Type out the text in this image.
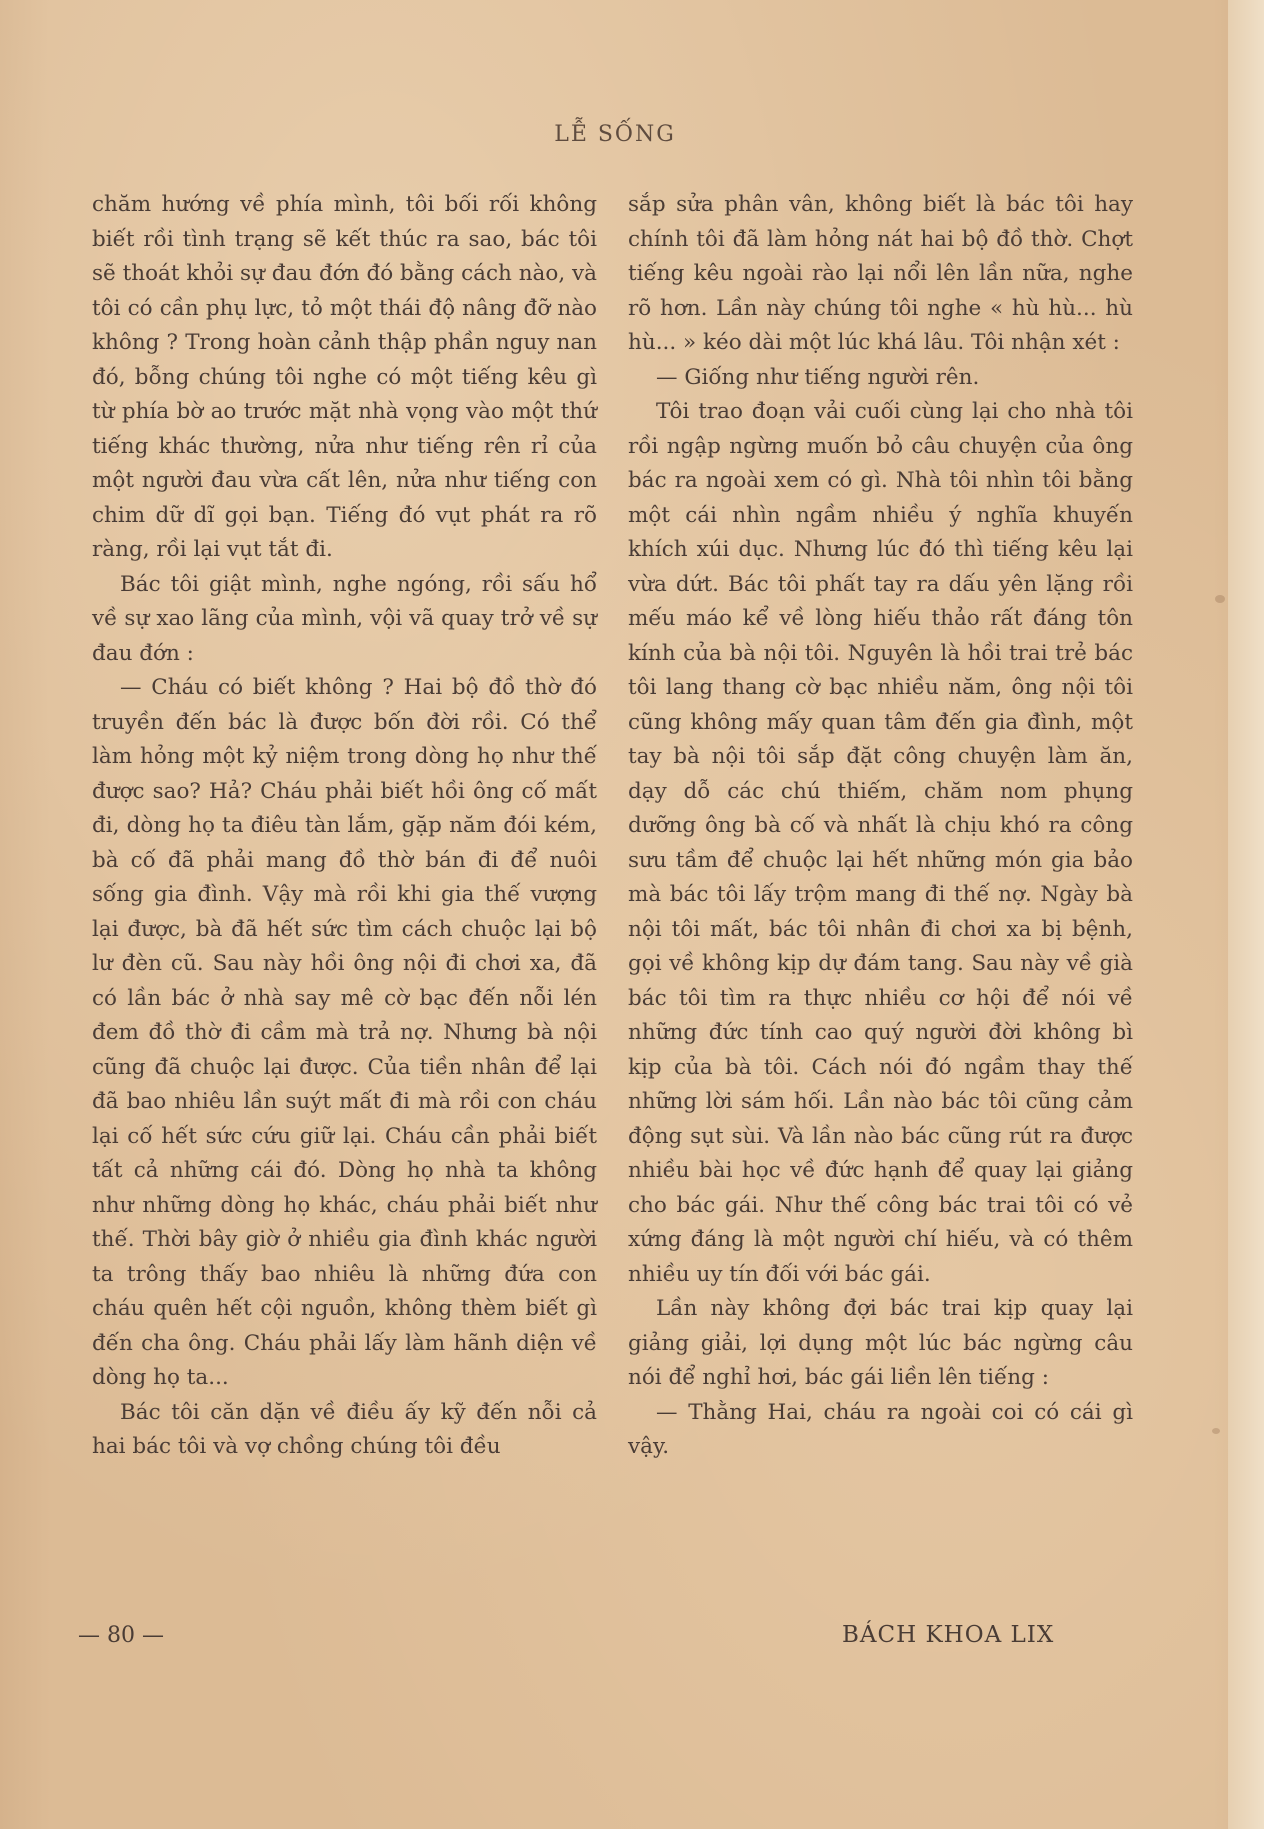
LỄ SỐNG

chăm hướng về phía mình, tôi bối rối không biết rồi tình trạng sẽ kết thúc ra sao, bác tôi sẽ thoát khỏi sự đau đớn đó bằng cách nào, và tôi có cần phụ lực, tỏ một thái độ nâng đỡ nào không ? Trong hoàn cảnh thập phần nguy nan đó, bỗng chúng tôi nghe có một tiếng kêu gì từ phía bờ ao trước mặt nhà vọng vào một thứ tiếng khác thường, nửa như tiếng rên rỉ của một người đau vừa cất lên, nửa như tiếng con chim dữ dĩ gọi bạn. Tiếng đó vụt phát ra rõ ràng, rồi lại vụt tắt đi.

Bác tôi giật mình, nghe ngóng, rồi sấu hổ về sự xao lãng của mình, vội vã quay trở về sự đau đớn :

— Cháu có biết không ? Hai bộ đồ thờ đó truyền đến bác là được bốn đời rồi. Có thể làm hỏng một kỷ niệm trong dòng họ như thế được sao? Hả? Cháu phải biết hồi ông cố mất đi, dòng họ ta điêu tàn lắm, gặp năm đói kém, bà cố đã phải mang đồ thờ bán đi để nuôi sống gia đình. Vậy mà rồi khi gia thế vượng lại được, bà đã hết sức tìm cách chuộc lại bộ lư đèn cũ. Sau này hồi ông nội đi chơi xa, đã có lần bác ở nhà say mê cờ bạc đến nỗi lén đem đồ thờ đi cầm mà trả nợ. Nhưng bà nội cũng đã chuộc lại được. Của tiền nhân để lại đã bao nhiêu lần suýt mất đi mà rồi con cháu lại cố hết sức cứu giữ lại. Cháu cần phải biết tất cả những cái đó. Dòng họ nhà ta không như những dòng họ khác, cháu phải biết như thế. Thời bây giờ ở nhiều gia đình khác người ta trông thấy bao nhiêu là những đứa con cháu quên hết cội nguồn, không thèm biết gì đến cha ông. Cháu phải lấy làm hãnh diện về dòng họ ta...

Bác tôi căn dặn về điều ấy kỹ đến nỗi cả hai bác tôi và vợ chồng chúng tôi đều

sắp sửa phân vân, không biết là bác tôi hay chính tôi đã làm hỏng nát hai bộ đồ thờ. Chợt tiếng kêu ngoài rào lại nổi lên lần nữa, nghe rõ hơn. Lần này chúng tôi nghe « hù hù... hù hù... » kéo dài một lúc khá lâu. Tôi nhận xét :

— Giống như tiếng người rên.

Tôi trao đoạn vải cuối cùng lại cho nhà tôi rồi ngập ngừng muốn bỏ câu chuyện của ông bác ra ngoài xem có gì. Nhà tôi nhìn tôi bằng một cái nhìn ngầm nhiều ý nghĩa khuyến khích xúi dục. Nhưng lúc đó thì tiếng kêu lại vừa dứt. Bác tôi phất tay ra dấu yên lặng rồi mếu máo kể về lòng hiếu thảo rất đáng tôn kính của bà nội tôi. Nguyên là hồi trai trẻ bác tôi lang thang cờ bạc nhiều năm, ông nội tôi cũng không mấy quan tâm đến gia đình, một tay bà nội tôi sắp đặt công chuyện làm ăn, dạy dỗ các chú thiếm, chăm nom phụng dưỡng ông bà cố và nhất là chịu khó ra công sưu tầm để chuộc lại hết những món gia bảo mà bác tôi lấy trộm mang đi thế nợ. Ngày bà nội tôi mất, bác tôi nhân đi chơi xa bị bệnh, gọi về không kịp dự đám tang. Sau này về già bác tôi tìm ra thực nhiều cơ hội để nói về những đức tính cao quý người đời không bì kịp của bà tôi. Cách nói đó ngầm thay thế những lời sám hối. Lần nào bác tôi cũng cảm động sụt sùi. Và lần nào bác cũng rút ra được nhiều bài học về đức hạnh để quay lại giảng cho bác gái. Như thế công bác trai tôi có vẻ xứng đáng là một người chí hiếu, và có thêm nhiều uy tín đối với bác gái.

Lần này không đợi bác trai kịp quay lại giảng giải, lợi dụng một lúc bác ngừng câu nói để nghỉ hơi, bác gái liền lên tiếng :

— Thằng Hai, cháu ra ngoài coi có cái gì vậy.

— 80 —	BÁCH KHOA LIX
